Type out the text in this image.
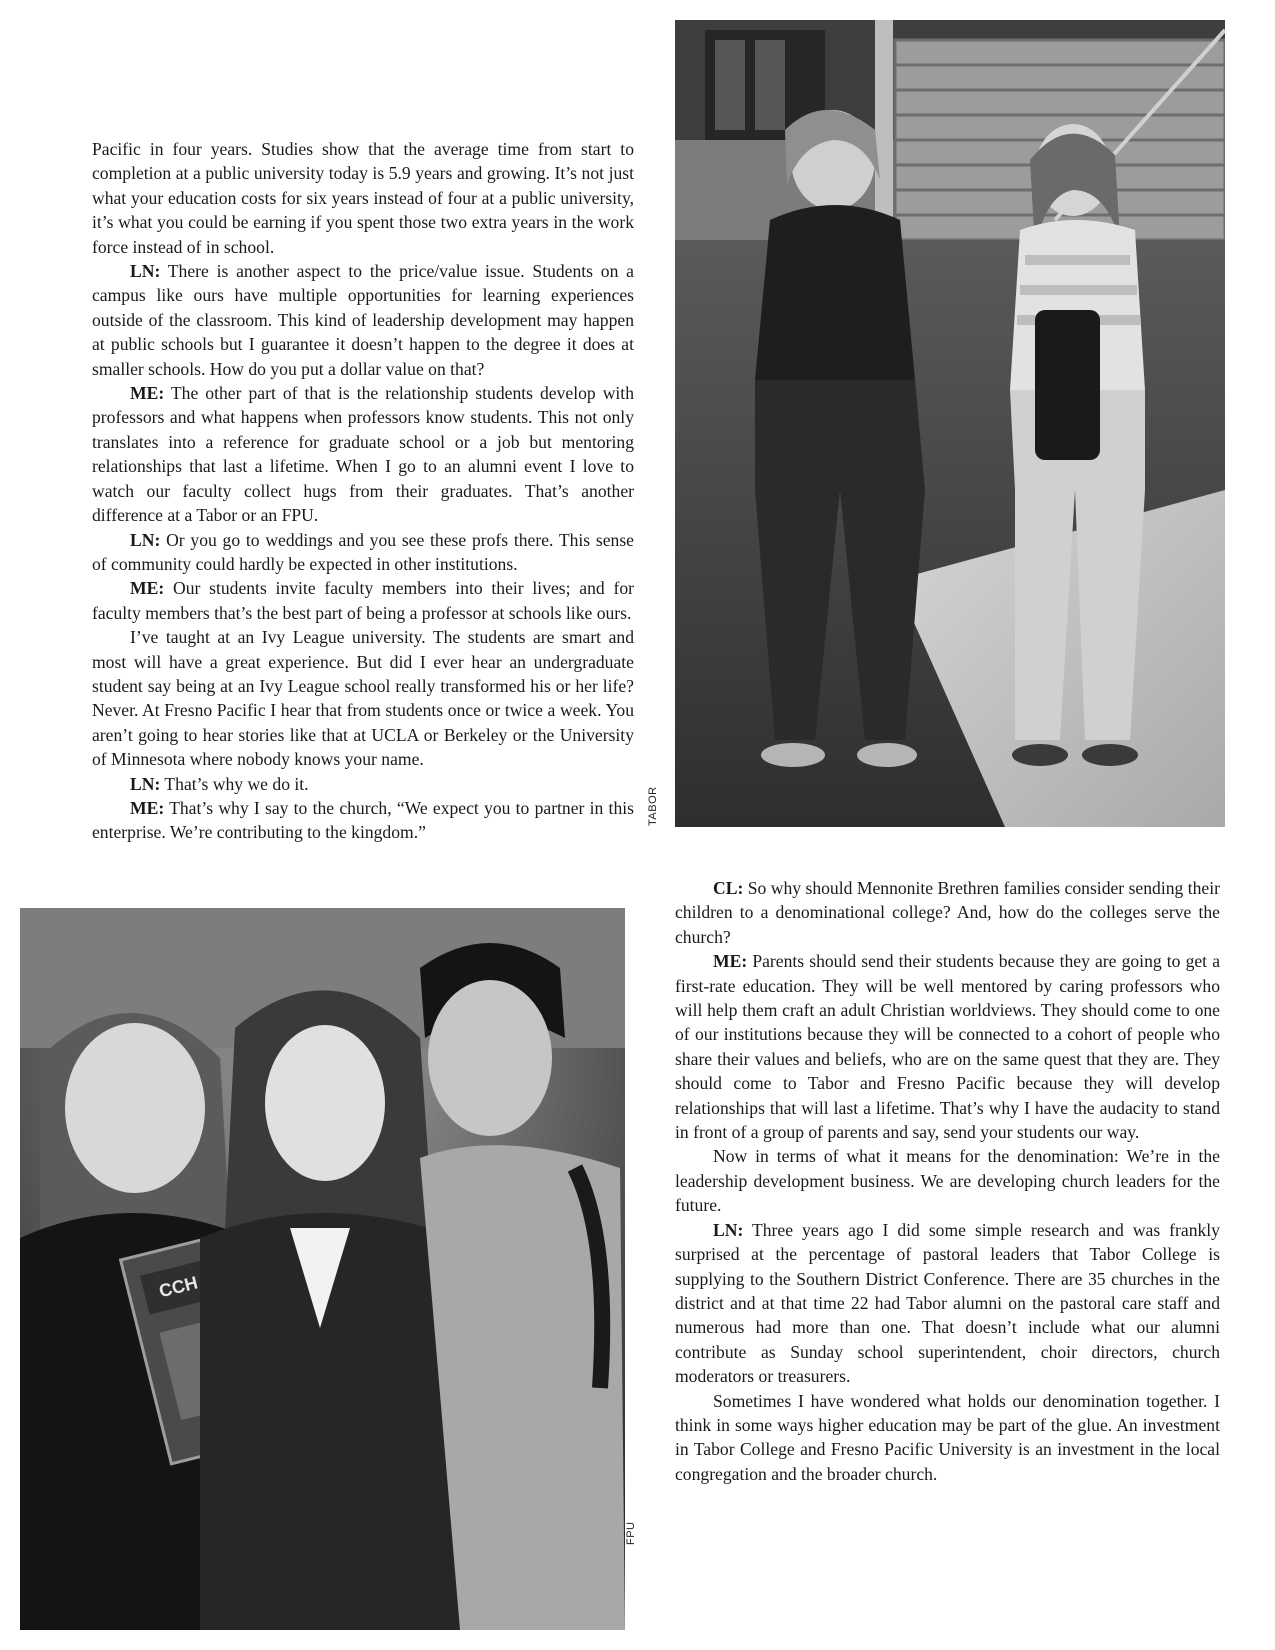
Pacific in four years. Studies show that the average time from start to completion at a public university today is 5.9 years and growing. It’s not just what your education costs for six years instead of four at a public university, it’s what you could be earning if you spent those two extra years in the work force instead of in school.

LN: There is another aspect to the price/value issue. Students on a campus like ours have multiple opportunities for learning experiences outside of the classroom. This kind of leadership development may happen at public schools but I guarantee it doesn’t happen to the degree it does at smaller schools. How do you put a dollar value on that?

ME: The other part of that is the relationship students develop with professors and what happens when professors know students. This not only translates into a reference for graduate school or a job but mentoring relationships that last a lifetime. When I go to an alumni event I love to watch our faculty collect hugs from their graduates. That’s another difference at a Tabor or an FPU.

LN: Or you go to weddings and you see these profs there. This sense of community could hardly be expected in other institutions.

ME: Our students invite faculty members into their lives; and for faculty members that’s the best part of being a professor at schools like ours.

I’ve taught at an Ivy League university. The students are smart and most will have a great experience. But did I ever hear an undergraduate student say being at an Ivy League school really transformed his or her life? Never. At Fresno Pacific I hear that from students once or twice a week. You aren’t going to hear stories like that at UCLA or Berkeley or the University of Minnesota where nobody knows your name.

LN: That’s why we do it.

ME: That’s why I say to the church, “We expect you to partner in this enterprise. We’re contributing to the kingdom.”

CL: So why should Mennonite Brethren families consider sending their children to a denominational college? And, how do the colleges serve the church?

ME: Parents should send their students because they are going to get a first-rate education. They will be well mentored by caring professors who will help them craft an adult Christian worldviews. They should come to one of our institutions because they will be connected to a cohort of people who share their values and beliefs, who are on the same quest that they are. They should come to Tabor and Fresno Pacific because they will develop relationships that will last a lifetime. That’s why I have the audacity to stand in front of a group of parents and say, send your students our way.

Now in terms of what it means for the denomination: We’re in the leadership development business. We are developing church leaders for the future.

LN: Three years ago I did some simple research and was frankly surprised at the percentage of pastoral leaders that Tabor College is supplying to the Southern District Conference. There are 35 churches in the district and at that time 22 had Tabor alumni on the pastoral care staff and numerous had more than one. That doesn’t include what our alumni contribute as Sunday school superintendent, choir directors, church moderators or treasurers.

Sometimes I have wondered what holds our denomination together. I think in some ways higher education may be part of the glue. An investment in Tabor College and Fresno Pacific University is an investment in the local congregation and the broader church.

CCH
TABOR
FPU
